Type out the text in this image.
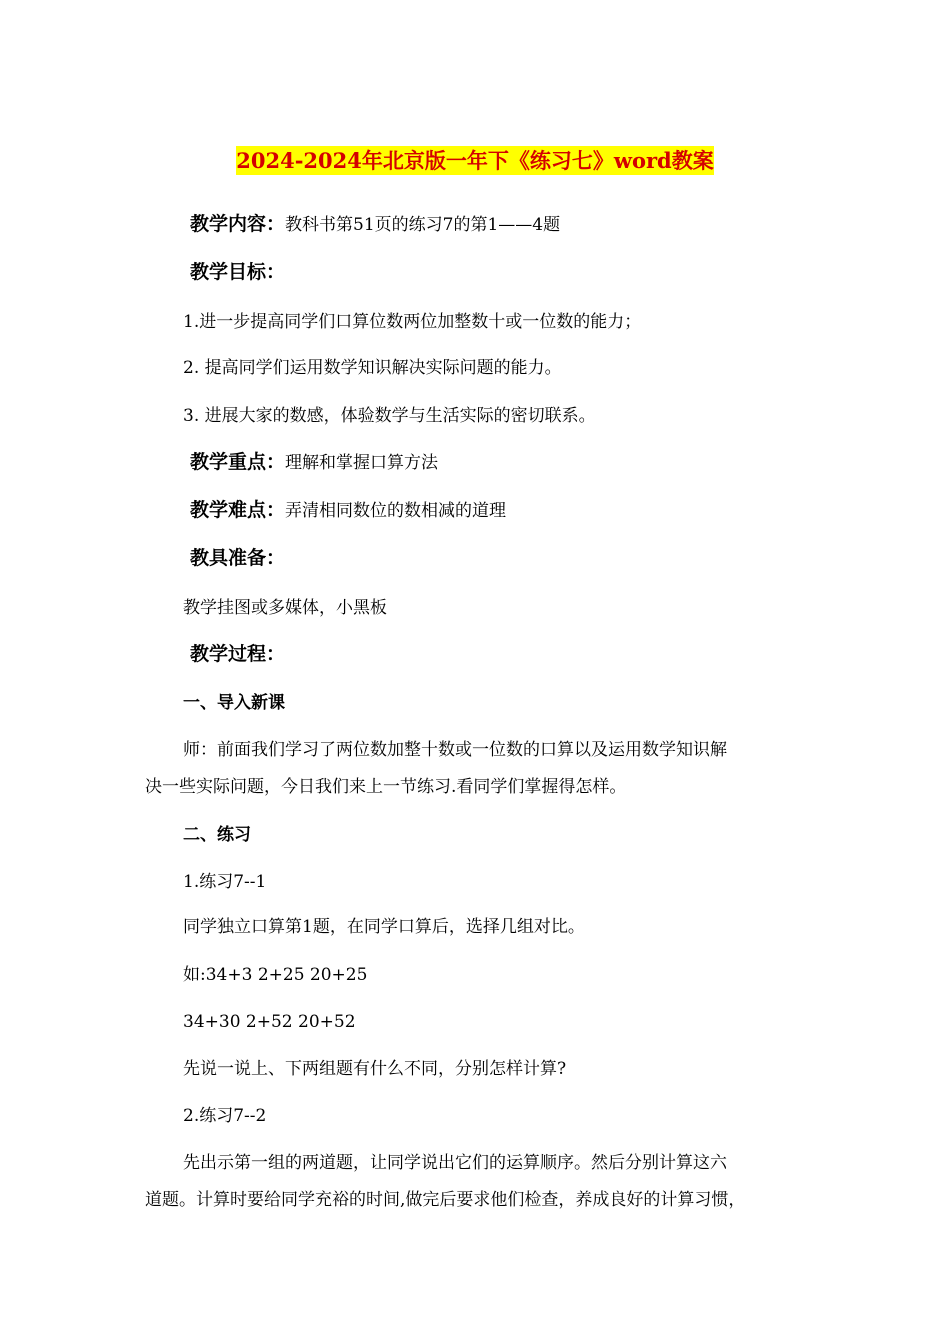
2024-2024年北京版一年下《练习七》word教案
教学内容：教科书第51页的练习7的第1——4题
教学目标：
1.进一步提高同学们口算位数两位加整数十或一位数的能力；
2. 提高同学们运用数学知识解决实际问题的能力。
3. 进展大家的数感，体验数学与生活实际的密切联系。
教学重点：理解和掌握口算方法
教学难点：弄清相同数位的数相减的道理
教具准备：
教学挂图或多媒体，小黑板
教学过程：
一、导入新课
师：前面我们学习了两位数加整十数或一位数的口算以及运用数学知识解
决一些实际问题，今日我们来上一节练习.看同学们掌握得怎样。
二、练习
1.练习7--1
同学独立口算第1题，在同学口算后，选择几组对比。
如:34+3 2+25 20+25
34+30 2+52 20+52
先说一说上、下两组题有什么不同，分别怎样计算?
2.练习7--2
先出示第一组的两道题，让同学说出它们的运算顺序。然后分别计算这六
道题。计算时要给同学充裕的时间,做完后要求他们检查，养成良好的计算习惯，
